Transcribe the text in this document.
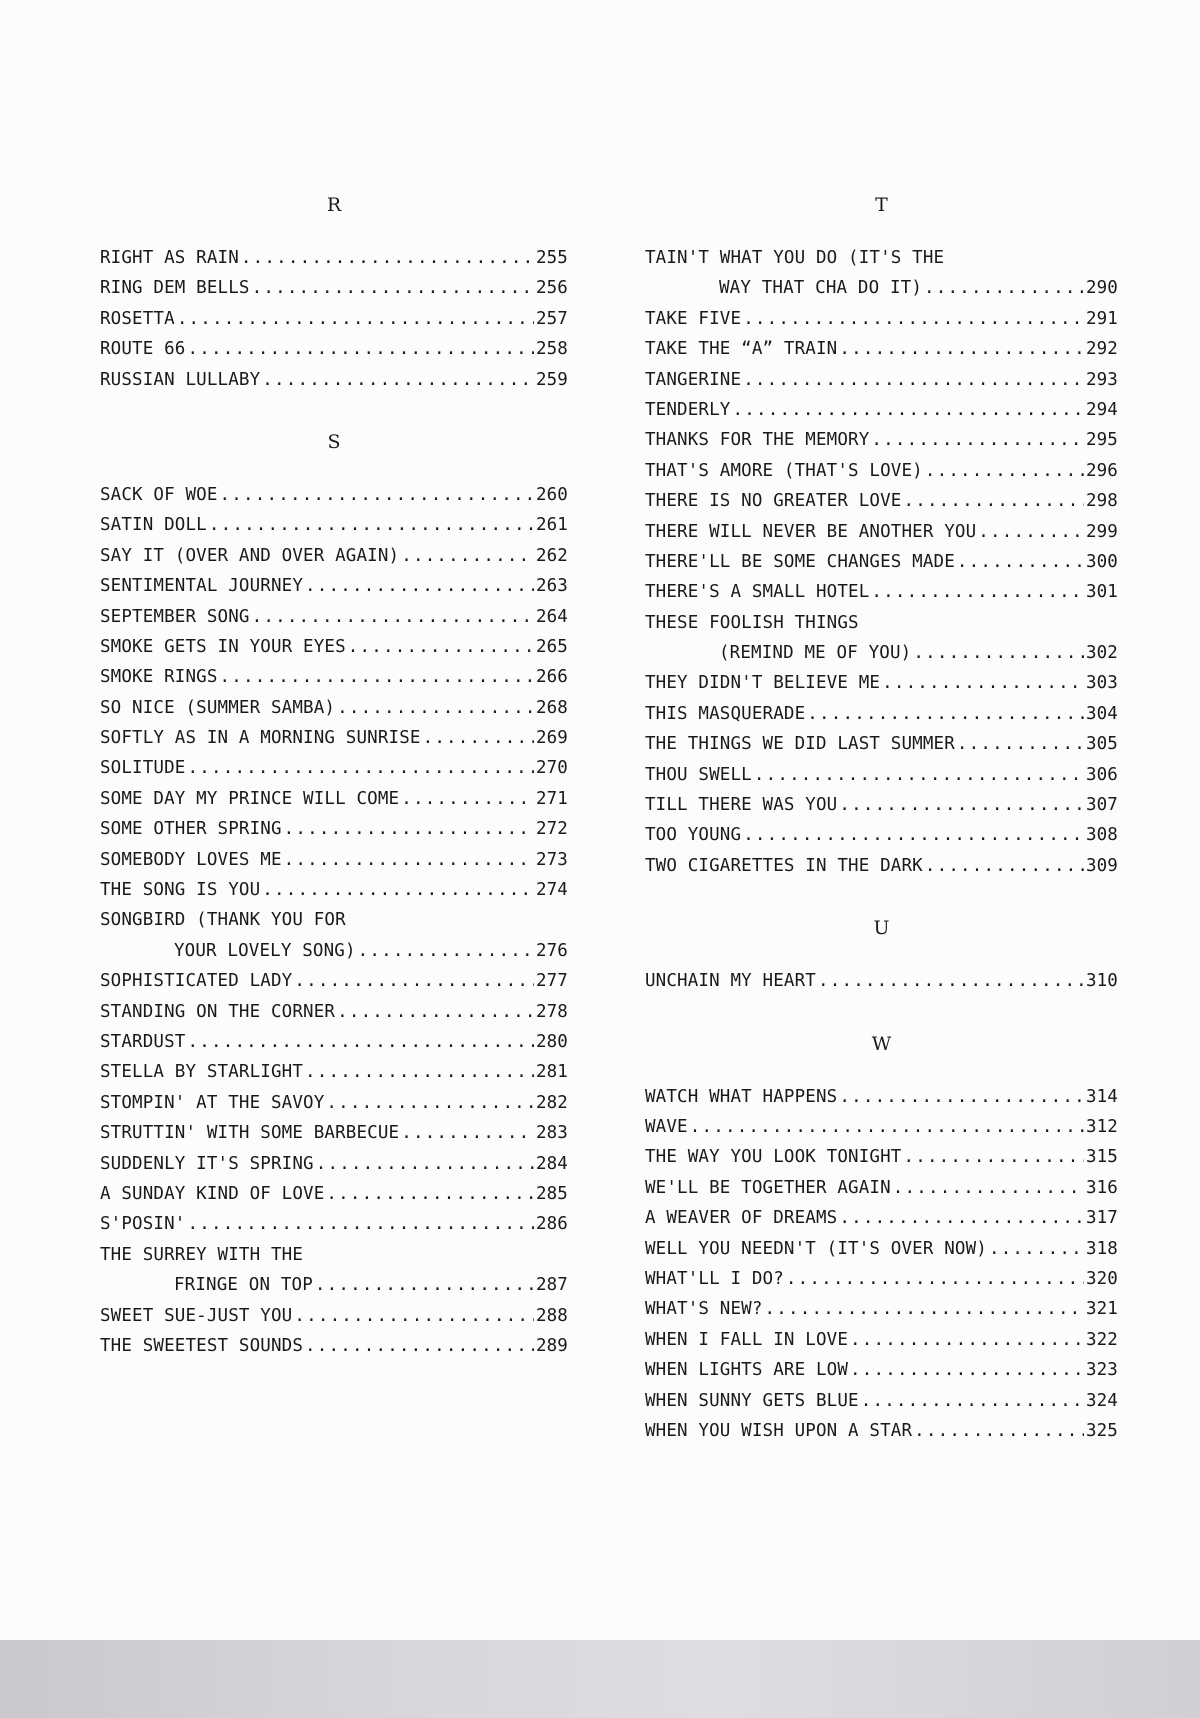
R
RIGHT AS RAIN .....	255
RING DEM BELLS .....	256
ROSETTA .....	257
ROUTE 66 .....	258
RUSSIAN LULLABY .....	259
S
SACK OF WOE .....	260
SATIN DOLL .....	261
SAY IT (OVER AND OVER AGAIN) .....	262
SENTIMENTAL JOURNEY .....	263
SEPTEMBER SONG .....	264
SMOKE GETS IN YOUR EYES .....	265
SMOKE RINGS .....	266
SO NICE (SUMMER SAMBA) .....	268
SOFTLY AS IN A MORNING SUNRISE .....	269
SOLITUDE .....	270
SOME DAY MY PRINCE WILL COME .....	271
SOME OTHER SPRING .....	272
SOMEBODY LOVES ME .....	273
THE SONG IS YOU .....	274
SONGBIRD (THANK YOU FOR
YOUR LOVELY SONG) .....	276
SOPHISTICATED LADY .....	277
STANDING ON THE CORNER .....	278
STARDUST .....	280
STELLA BY STARLIGHT .....	281
STOMPIN' AT THE SAVOY .....	282
STRUTTIN' WITH SOME BARBECUE .....	283
SUDDENLY IT'S SPRING .....	284
A SUNDAY KIND OF LOVE .....	285
S'POSIN' .....	286
THE SURREY WITH THE
FRINGE ON TOP .....	287
SWEET SUE-JUST YOU .....	288
THE SWEETEST SOUNDS .....	289
T
TAIN'T WHAT YOU DO (IT'S THE
WAY THAT CHA DO IT) .....	290
TAKE FIVE .....	291
TAKE THE “A” TRAIN .....	292
TANGERINE .....	293
TENDERLY .....	294
THANKS FOR THE MEMORY .....	295
THAT'S AMORE (THAT'S LOVE) .....	296
THERE IS NO GREATER LOVE .....	298
THERE WILL NEVER BE ANOTHER YOU .....	299
THERE'LL BE SOME CHANGES MADE .....	300
THERE'S A SMALL HOTEL .....	301
THESE FOOLISH THINGS
(REMIND ME OF YOU) .....	302
THEY DIDN'T BELIEVE ME .....	303
THIS MASQUERADE .....	304
THE THINGS WE DID LAST SUMMER .....	305
THOU SWELL .....	306
TILL THERE WAS YOU .....	307
TOO YOUNG .....	308
TWO CIGARETTES IN THE DARK .....	309
U
UNCHAIN MY HEART .....	310
W
WATCH WHAT HAPPENS .....	314
WAVE .....	312
THE WAY YOU LOOK TONIGHT .....	315
WE'LL BE TOGETHER AGAIN .....	316
A WEAVER OF DREAMS .....	317
WELL YOU NEEDN'T (IT'S OVER NOW) .....	318
WHAT'LL I DO? .....	320
WHAT'S NEW? .....	321
WHEN I FALL IN LOVE .....	322
WHEN LIGHTS ARE LOW .....	323
WHEN SUNNY GETS BLUE .....	324
WHEN YOU WISH UPON A STAR .....	325
